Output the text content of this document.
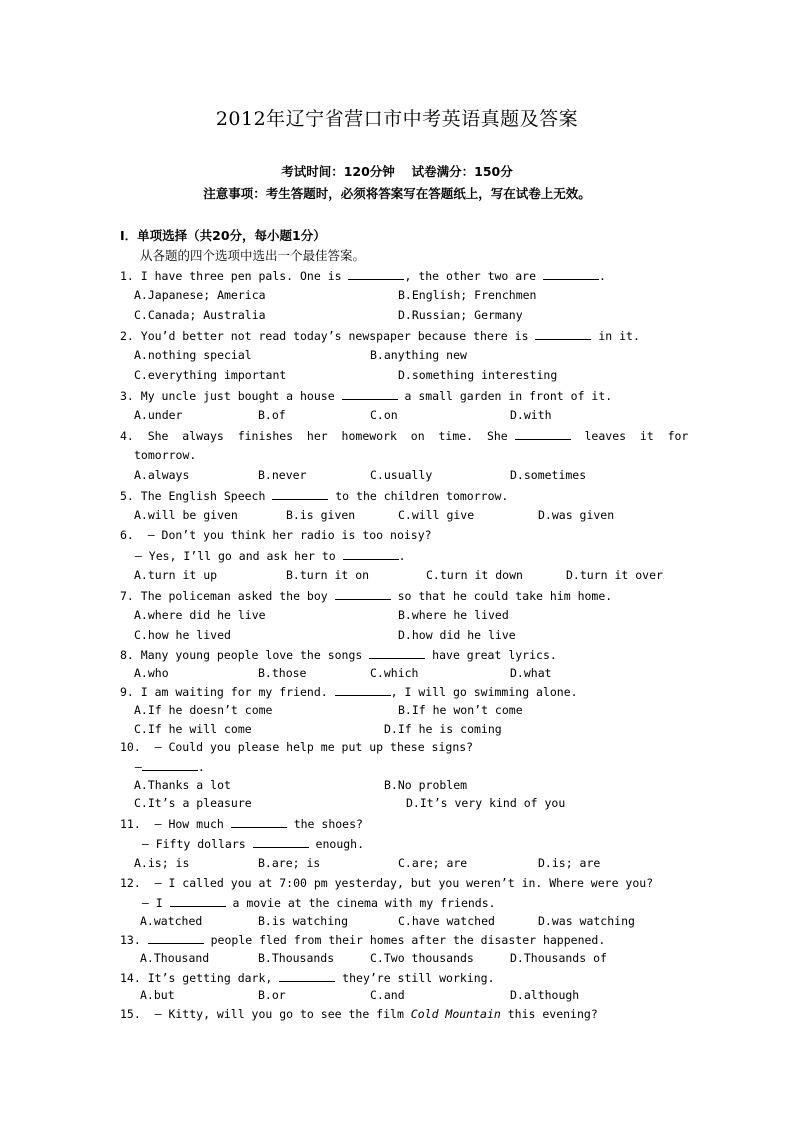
2012年辽宁省营口市中考英语真题及答案
考试时间：120分钟　 试卷满分：150分
注意事项：考生答题时，必须将答案写在答题纸上，写在试卷上无效。
I．单项选择（共20分，每小题1分）
从各题的四个选项中选出一个最佳答案。
1. I have three pen pals. One is	, the other two are	.
A.Japanese; America	B.English; Frenchmen
C.Canada; Australia	D.Russian; Germany
2. You’d better not read today’s newspaper because there is	in it.
A.nothing special	B.anything new
C.everything important	D.something interesting
3. My uncle just bought a house	a small garden in front of it.
A.under	B.of	C.on	D.with
4.  She  always  finishes  her  homework  on  time.  She	leaves  it  for
tomorrow.
A.always	B.never	C.usually	D.sometimes
5. The English Speech	to the children tomorrow.
A.will be given	B.is given	C.will give	D.was given
6.  – Don’t you think her radio is too noisy?
– Yes, I’ll go and ask her to	.
A.turn it up	B.turn it on	C.turn it down	D.turn it over
7. The policeman asked the boy	so that he could take him home.
A.where did he live	B.where he lived
C.how he lived	D.how did he live
8. Many young people love the songs	have great lyrics.
A.who	B.those	C.which	D.what
9. I am waiting for my friend.	, I will go swimming alone.
A.If he doesn’t come	B.If he won’t come
C.If he will come	D.If he is coming
10.  – Could you please help me put up these signs?
–	.
A.Thanks a lot	B.No problem
C.It’s a pleasure	D.It’s very kind of you
11.  – How much	the shoes?
– Fifty dollars	enough.
A.is; is	B.are; is	C.are; are	D.is; are
12.  – I called you at 7:00 pm yesterday, but you weren’t in. Where were you?
– I	a movie at the cinema with my friends.
A.watched	B.is watching	C.have watched	D.was watching
13.	people fled from their homes after the disaster happened.
A.Thousand	B.Thousands	C.Two thousands	D.Thousands of
14. It’s getting dark,	they’re still working.
A.but	B.or	C.and	D.although
15.  – Kitty, will you go to see the film Cold Mountain this evening?
